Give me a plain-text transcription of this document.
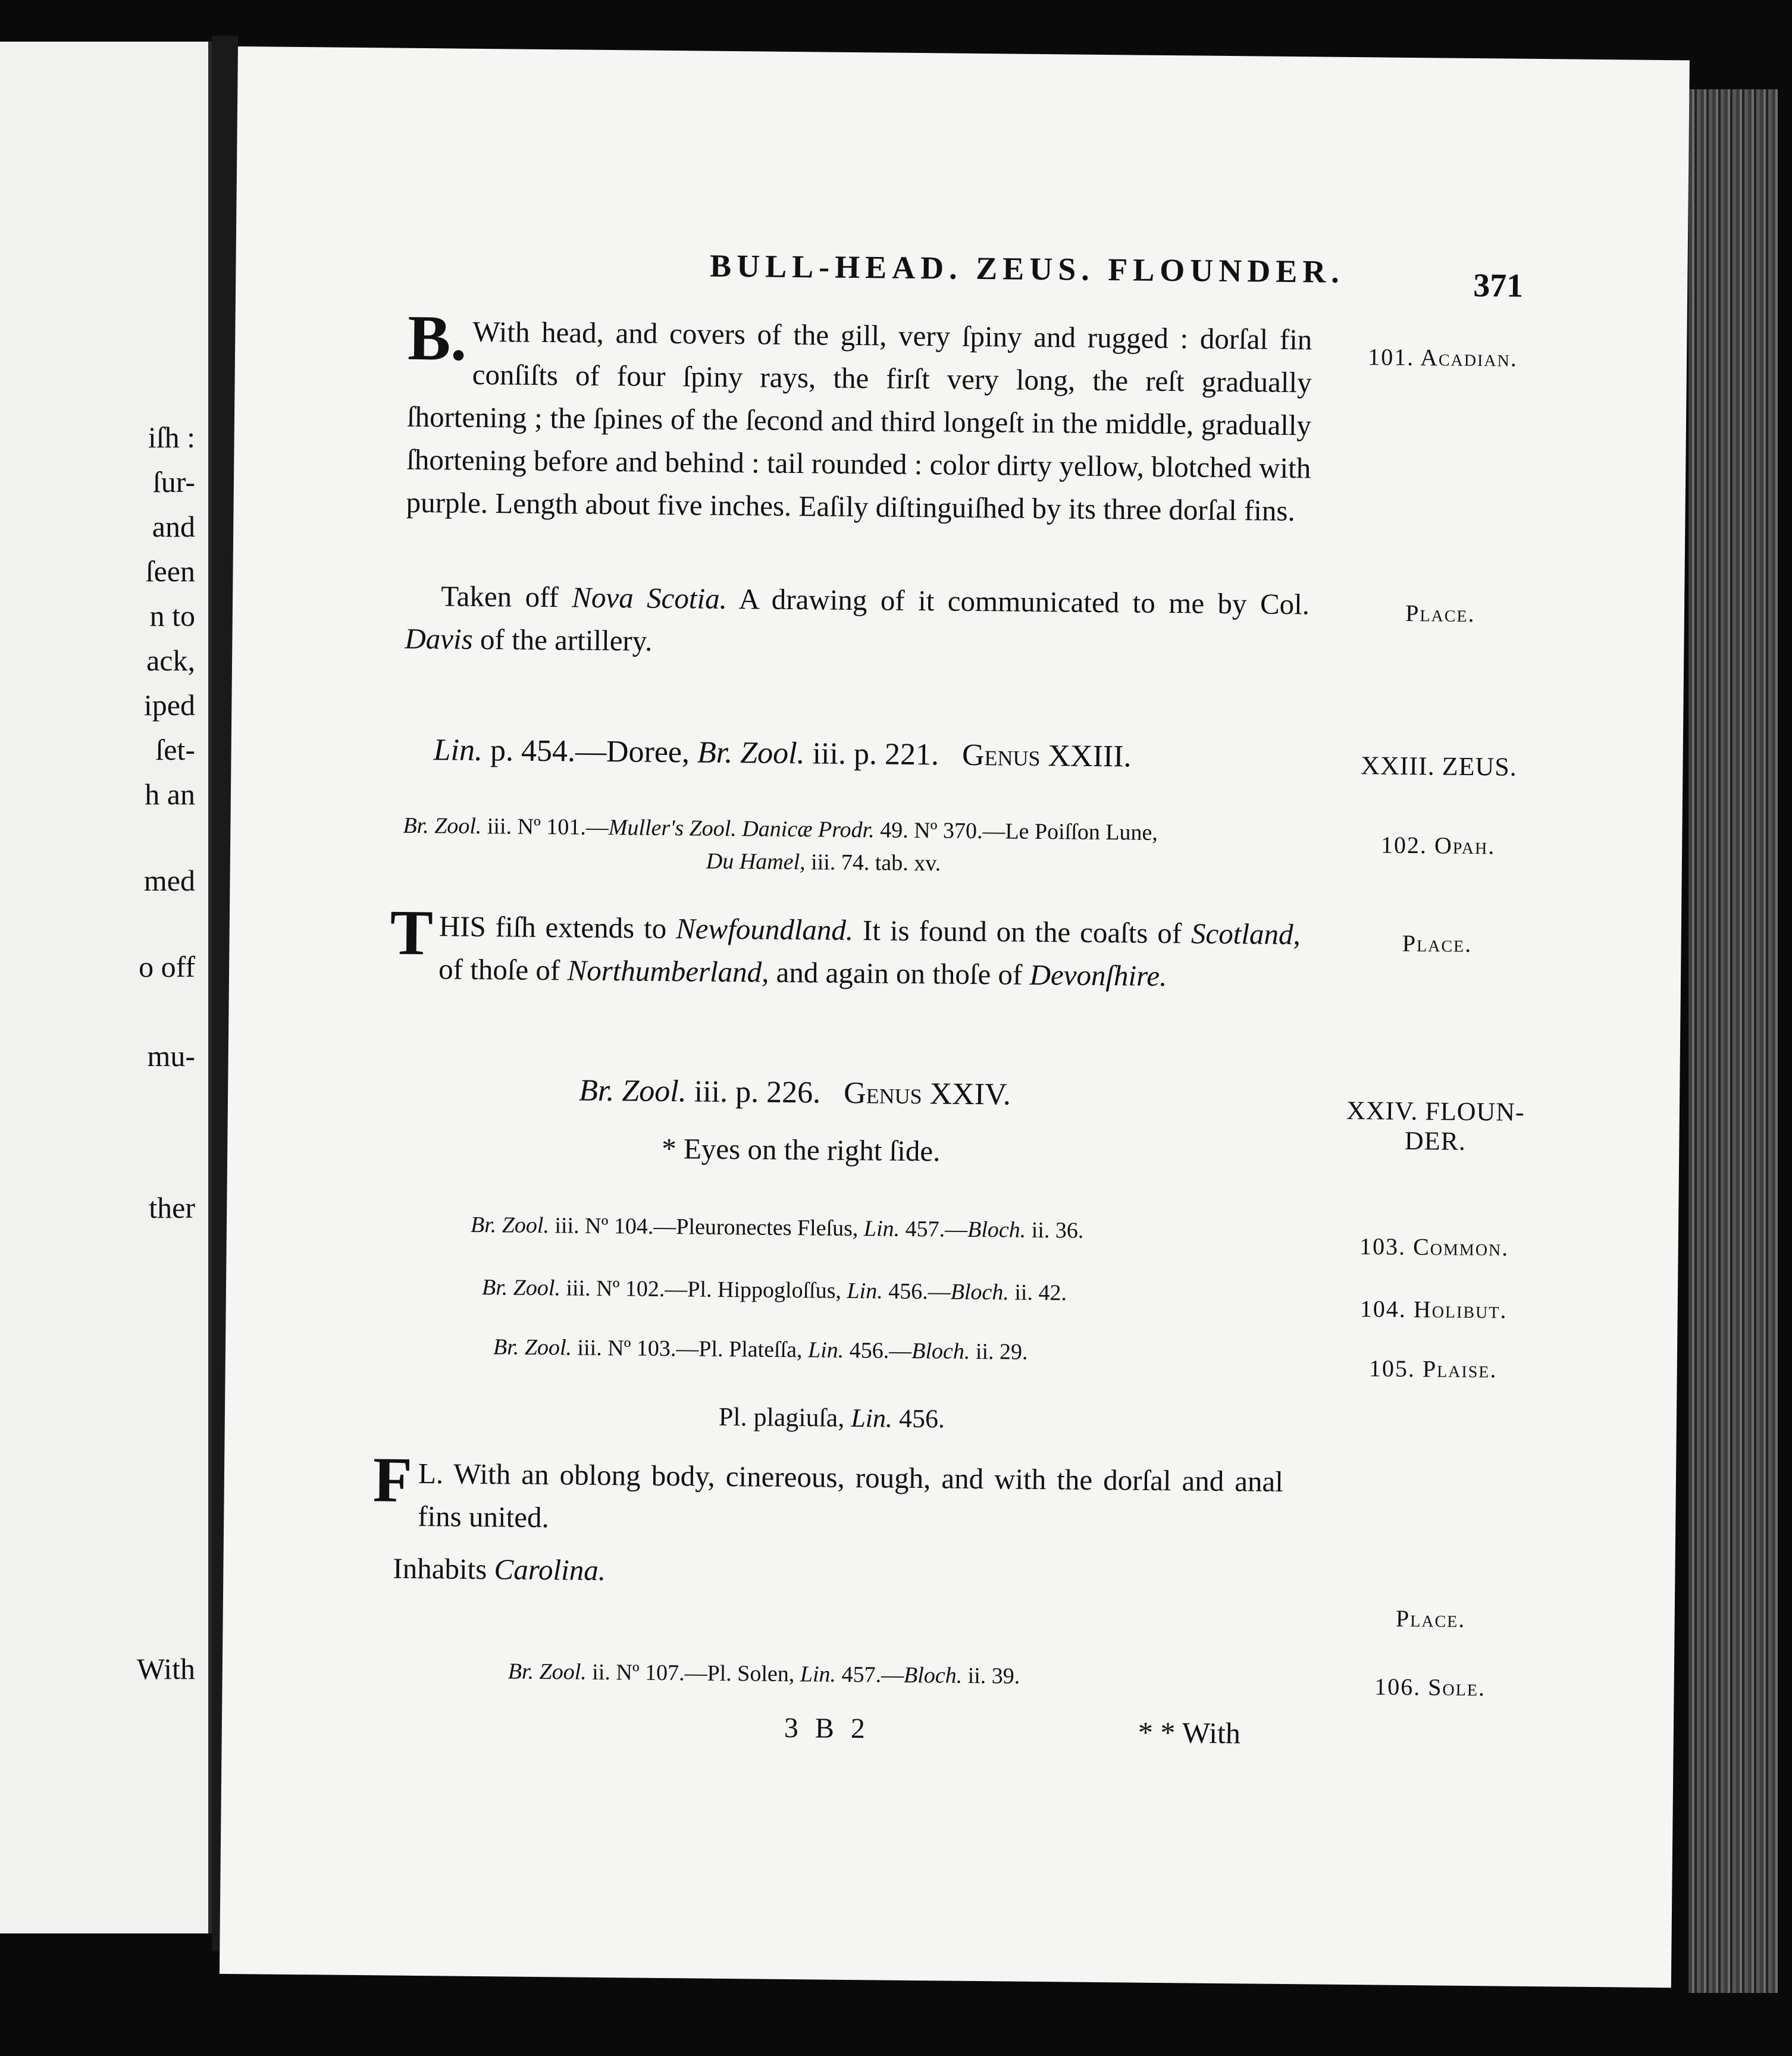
iſh :
ſur-
and
ſeen
n to
ack,
iped
ſet-
h an
med
o off
mu-
ther
With
BULL-HEAD. ZEUS. FLOUNDER.	371
B. With head, and covers of the gill, very ſpiny and rugged : dorſal fin conſiſts of four ſpiny rays, the firſt very long, the reſt gradually ſhortening ; the ſpines of the ſecond and third longeſt in the middle, gradually ſhortening before and behind : tail rounded : color dirty yellow, blotched with purple. Length about five inches. Eaſily diſtinguiſhed by its three dorſal fins.
101. Acadian.
Taken off Nova Scotia. A drawing of it communicated to me by Col. Davis of the artillery.
Place.
Lin. p. 454.—Doree, Br. Zool. iii. p. 221. Genus XXIII.	XXIII. ZEUS.
Br. Zool. iii. Nº 101.—Muller's Zool. Danicæ Prodr. 49. Nº 370.—Le Poiſſon Lune,
Du Hamel, iii. 74. tab. xv.
102. Opah.
THIS fiſh extends to Newfoundland. It is found on the coaſts of Scotland, of thoſe of Northumberland, and again on thoſe of Devonſhire.
Place.
Br. Zool. iii. p. 226. Genus XXIV.	XXIV. FLOUN-
DER.
* Eyes on the right ſide.
Br. Zool. iii. Nº 104.—Pleuronectes Fleſus, Lin. 457.—Bloch. ii. 36.
103. Common.
Br. Zool. iii. Nº 102.—Pl. Hippogloſſus, Lin. 456.—Bloch. ii. 42.
104. Holibut.
Br. Zool. iii. Nº 103.—Pl. Plateſſa, Lin. 456.—Bloch. ii. 29.
105. Plaise.
Pl. plagiuſa, Lin. 456.
F L. With an oblong body, cinereous, rough, and with the dorſal and anal fins united.
Inhabits Carolina.
Place.
Br. Zool. ii. Nº 107.—Pl. Solen, Lin. 457.—Bloch. ii. 39.	106. Sole.
3 B 2	* * With
